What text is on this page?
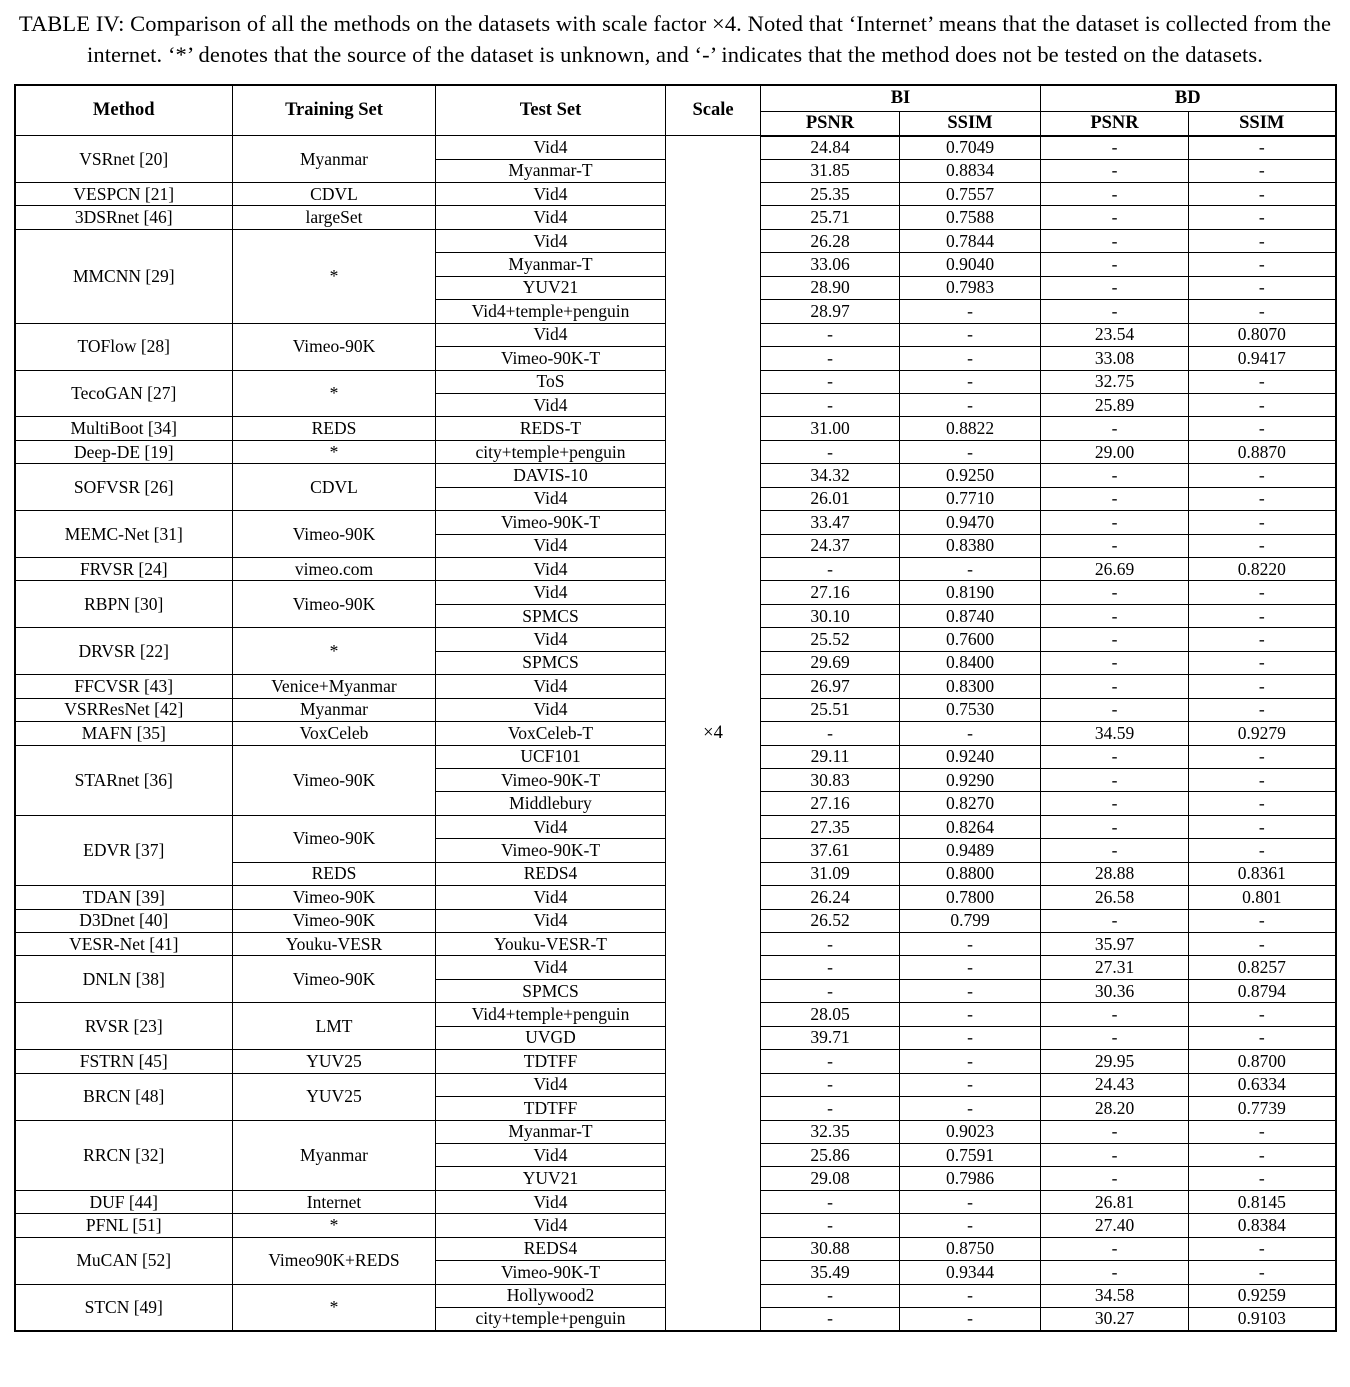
TABLE IV: Comparison of all the methods on the datasets with scale factor ×4. Noted that ‘Internet’ means that the dataset is collected from the internet. ‘*’ denotes that the source of the dataset is unknown, and ‘-’ indicates that the method does not be tested on the datasets.
Method	Training Set	Test Set	Scale	BI		BD	
				PSNR	SSIM	PSNR	SSIM
VSRnet [20]	Myanmar	Vid4	×4	24.84	0.7049	-	-
		Myanmar-T		31.85	0.8834	-	-
VESPCN [21]	CDVL	Vid4		25.35	0.7557	-	-
3DSRnet [46]	largeSet	Vid4		25.71	0.7588	-	-
MMCNN [29]	*	Vid4		26.28	0.7844	-	-
		Myanmar-T		33.06	0.9040	-	-
		YUV21		28.90	0.7983	-	-
		Vid4+temple+penguin		28.97	-	-	-
TOFlow [28]	Vimeo-90K	Vid4		-	-	23.54	0.8070
		Vimeo-90K-T		-	-	33.08	0.9417
TecoGAN [27]	*	ToS		-	-	32.75	-
		Vid4		-	-	25.89	-
MultiBoot [34]	REDS	REDS-T		31.00	0.8822	-	-
Deep-DE [19]	*	city+temple+penguin		-	-	29.00	0.8870
SOFVSR [26]	CDVL	DAVIS-10		34.32	0.9250	-	-
		Vid4		26.01	0.7710	-	-
MEMC-Net [31]	Vimeo-90K	Vimeo-90K-T		33.47	0.9470	-	-
		Vid4		24.37	0.8380	-	-
FRVSR [24]	vimeo.com	Vid4		-	-	26.69	0.8220
RBPN [30]	Vimeo-90K	Vid4		27.16	0.8190	-	-
		SPMCS		30.10	0.8740	-	-
DRVSR [22]	*	Vid4		25.52	0.7600	-	-
		SPMCS		29.69	0.8400	-	-
FFCVSR [43]	Venice+Myanmar	Vid4		26.97	0.8300	-	-
VSRResNet [42]	Myanmar	Vid4		25.51	0.7530	-	-
MAFN [35]	VoxCeleb	VoxCeleb-T		-	-	34.59	0.9279
STARnet [36]	Vimeo-90K	UCF101		29.11	0.9240	-	-
		Vimeo-90K-T		30.83	0.9290	-	-
		Middlebury		27.16	0.8270	-	-
EDVR [37]	Vimeo-90K	Vid4		27.35	0.8264	-	-
		Vimeo-90K-T		37.61	0.9489	-	-
	REDS	REDS4		31.09	0.8800	28.88	0.8361
TDAN [39]	Vimeo-90K	Vid4		26.24	0.7800	26.58	0.801
D3Dnet [40]	Vimeo-90K	Vid4		26.52	0.799	-	-
VESR-Net [41]	Youku-VESR	Youku-VESR-T		-	-	35.97	-
DNLN [38]	Vimeo-90K	Vid4		-	-	27.31	0.8257
		SPMCS		-	-	30.36	0.8794
RVSR [23]	LMT	Vid4+temple+penguin		28.05	-	-	-
		UVGD		39.71	-	-	-
FSTRN [45]	YUV25	TDTFF		-	-	29.95	0.8700
BRCN [48]	YUV25	Vid4		-	-	24.43	0.6334
		TDTFF		-	-	28.20	0.7739
RRCN [32]	Myanmar	Myanmar-T		32.35	0.9023	-	-
		Vid4		25.86	0.7591	-	-
		YUV21		29.08	0.7986	-	-
DUF [44]	Internet	Vid4		-	-	26.81	0.8145
PFNL [51]	*	Vid4		-	-	27.40	0.8384
MuCAN [52]	Vimeo90K+REDS	REDS4		30.88	0.8750	-	-
		Vimeo-90K-T		35.49	0.9344	-	-
STCN [49]	*	Hollywood2		-	-	34.58	0.9259
		city+temple+penguin		-	-	30.27	0.9103
